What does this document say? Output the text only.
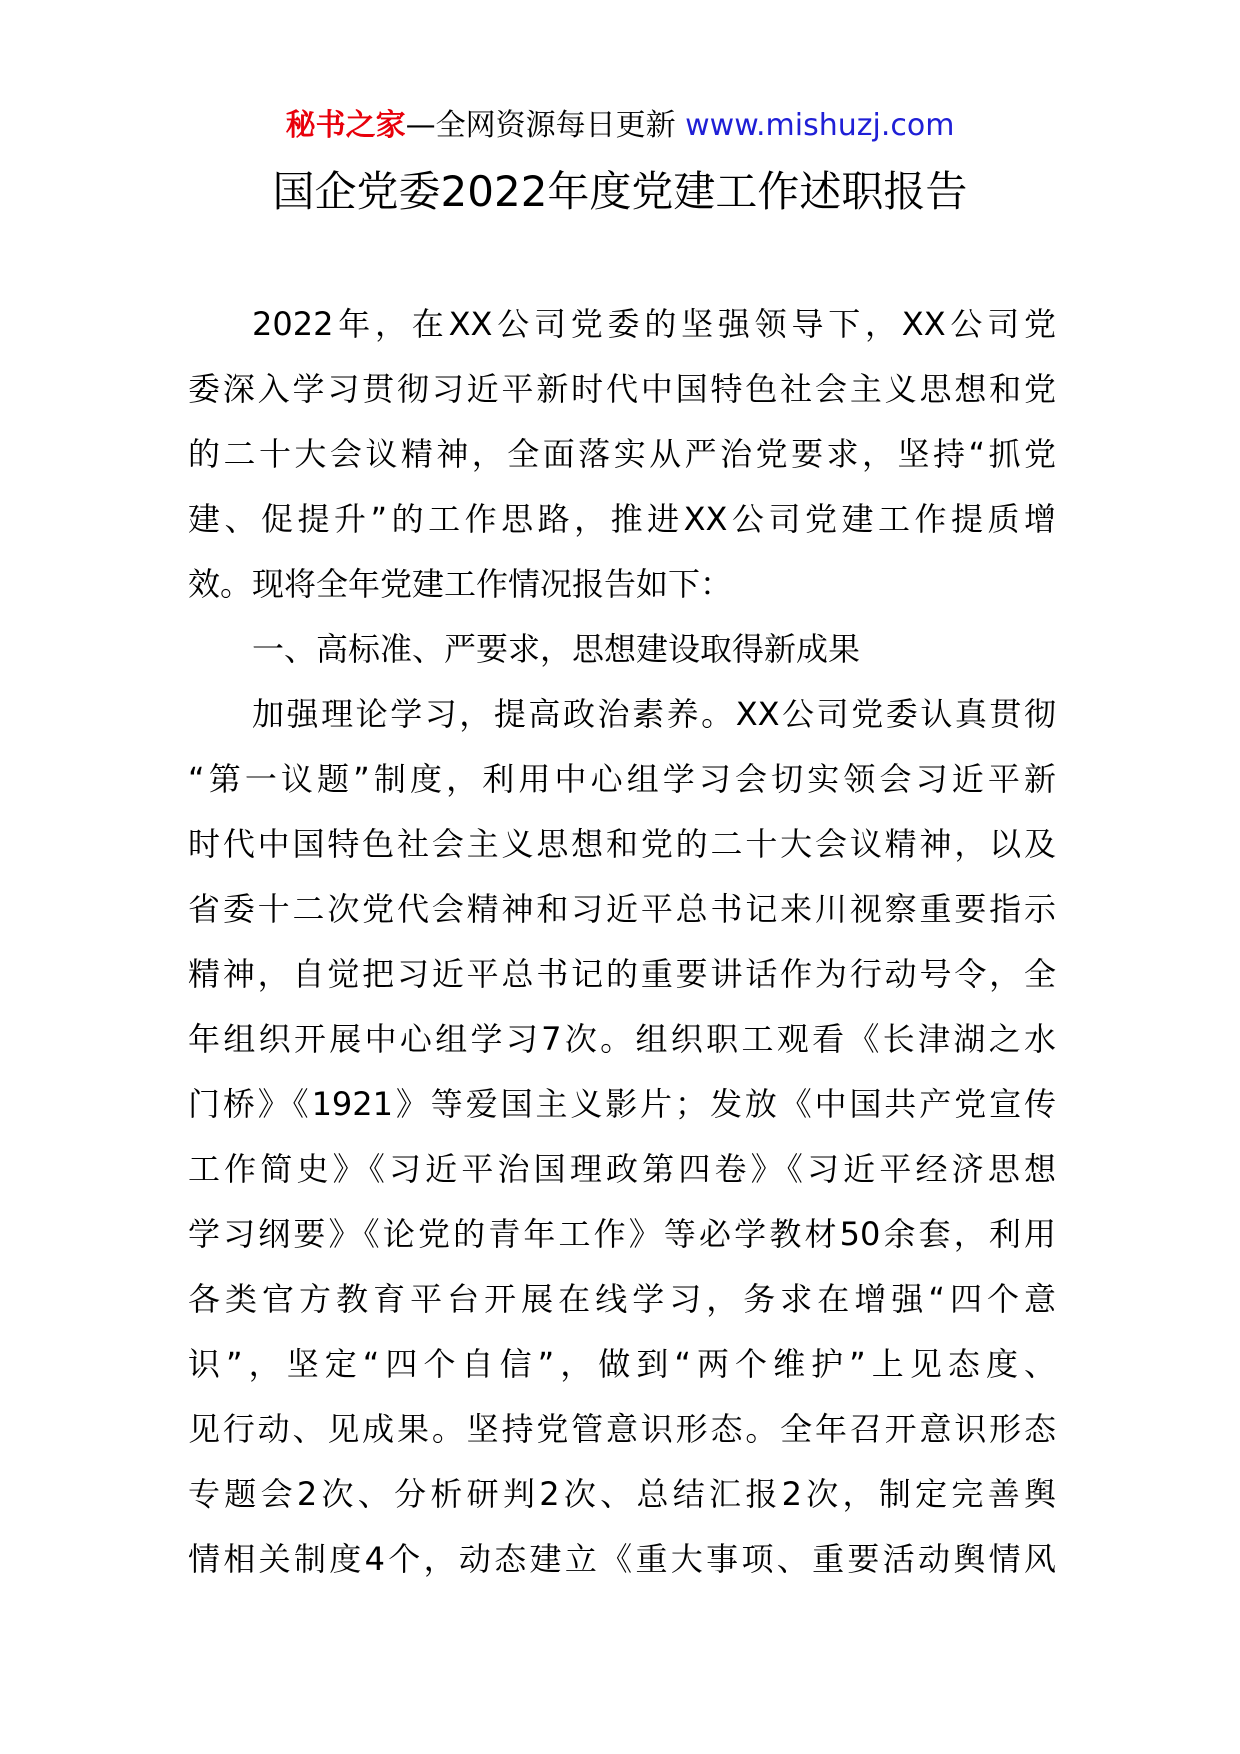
秘书之家—全网资源每日更新 www.mishuzj.com
国企党委2022年度党建工作述职报告
2022年，在XX公司党委的坚强领导下，XX公司党
委深入学习贯彻习近平新时代中国特色社会主义思想和党
的二十大会议精神，全面落实从严治党要求，坚持“抓党
建、促提升”的工作思路，推进XX公司党建工作提质增
效。现将全年党建工作情况报告如下：
一、高标准、严要求，思想建设取得新成果
加强理论学习，提高政治素养。XX公司党委认真贯彻
“第一议题”制度，利用中心组学习会切实领会习近平新
时代中国特色社会主义思想和党的二十大会议精神，以及
省委十二次党代会精神和习近平总书记来川视察重要指示
精神，自觉把习近平总书记的重要讲话作为行动号令，全
年组织开展中心组学习7次。组织职工观看《长津湖之水
门桥》《1921》等爱国主义影片；发放《中国共产党宣传
工作简史》《习近平治国理政第四卷》《习近平经济思想
学习纲要》《论党的青年工作》等必学教材50余套，利用
各类官方教育平台开展在线学习，务求在增强“四个意
识”，坚定“四个自信”，做到“两个维护”上见态度、
见行动、见成果。坚持党管意识形态。全年召开意识形态
专题会2次、分析研判2次、总结汇报2次，制定完善舆
情相关制度4个，动态建立《重大事项、重要活动舆情风
